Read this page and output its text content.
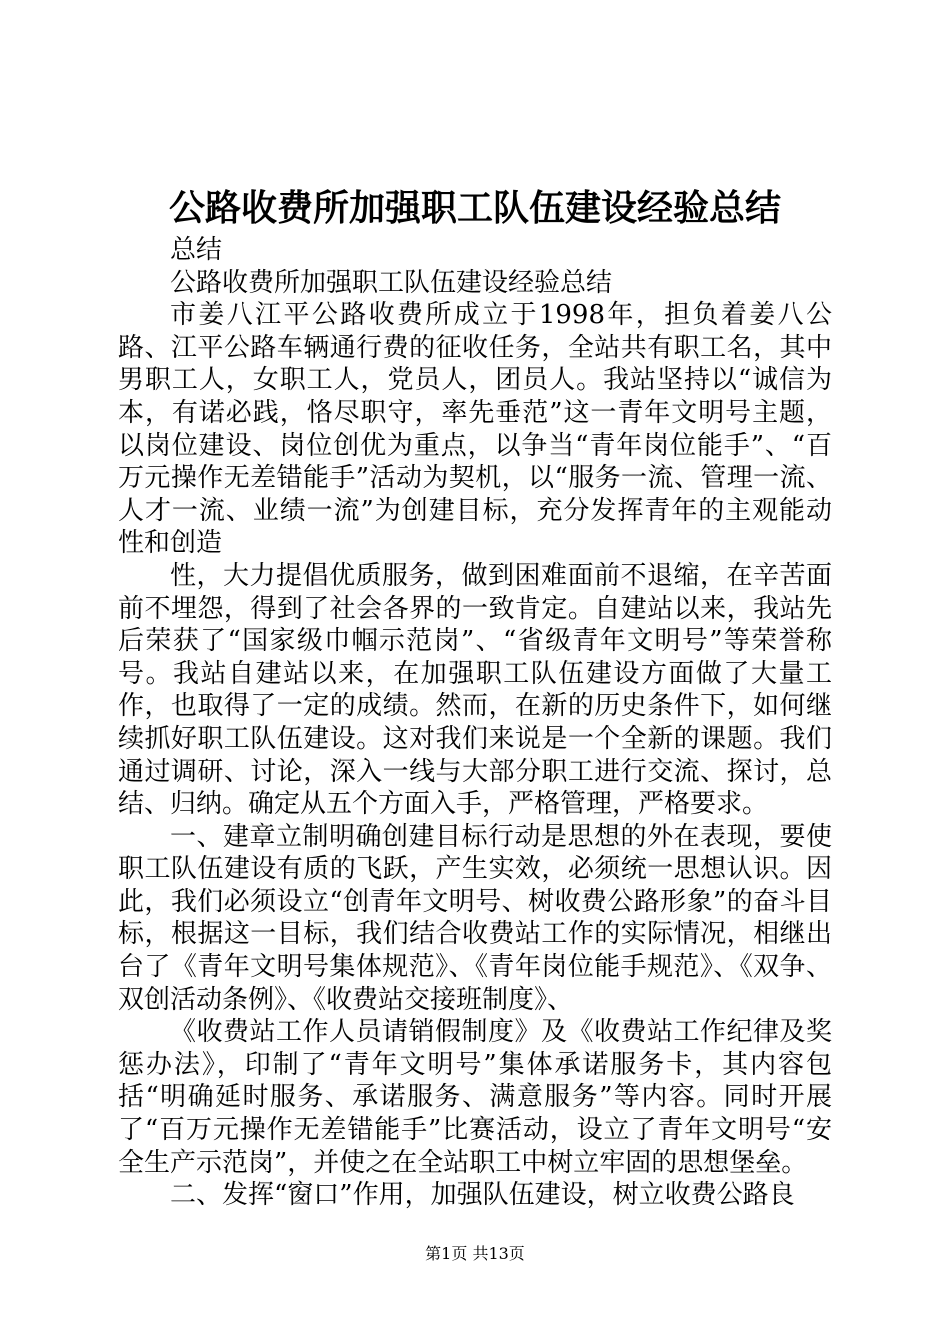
公路收费所加强职工队伍建设经验总结

总结

公路收费所加强职工队伍建设经验总结

市姜八江平公路收费所成立于1998年，担负着姜八公路、江平公路车辆通行费的征收任务，全站共有职工名，其中男职工人，女职工人，党员人，团员人。我站坚持以“诚信为本，有诺必践，恪尽职守，率先垂范”这一青年文明号主题，以岗位建设、岗位创优为重点，以争当“青年岗位能手”、“百万元操作无差错能手”活动为契机，以“服务一流、管理一流、人才一流、业绩一流”为创建目标，充分发挥青年的主观能动性和创造

性，大力提倡优质服务，做到困难面前不退缩，在辛苦面前不埋怨，得到了社会各界的一致肯定。自建站以来，我站先后荣获了“国家级巾帼示范岗”、“省级青年文明号”等荣誉称号。我站自建站以来，在加强职工队伍建设方面做了大量工作，也取得了一定的成绩。然而，在新的历史条件下，如何继续抓好职工队伍建设。这对我们来说是一个全新的课题。我们通过调研、讨论，深入一线与大部分职工进行交流、探讨，总结、归纳。确定从五个方面入手，严格管理，严格要求。

一、建章立制明确创建目标行动是思想的外在表现，要使职工队伍建设有质的飞跃，产生实效，必须统一思想认识。因此，我们必须设立“创青年文明号、树收费公路形象”的奋斗目标，根据这一目标，我们结合收费站工作的实际情况，相继出台了《青年文明号集体规范》、《青年岗位能手规范》、《双争、双创活动条例》、《收费站交接班制度》、

《收费站工作人员请销假制度》及《收费站工作纪律及奖惩办法》，印制了“青年文明号”集体承诺服务卡，其内容包括“明确延时服务、承诺服务、满意服务”等内容。同时开展了“百万元操作无差错能手”比赛活动，设立了青年文明号“安全生产示范岗”，并使之在全站职工中树立牢固的思想堡垒。

二、发挥“窗口”作用，加强队伍建设，树立收费公路良

第1页 共13页
